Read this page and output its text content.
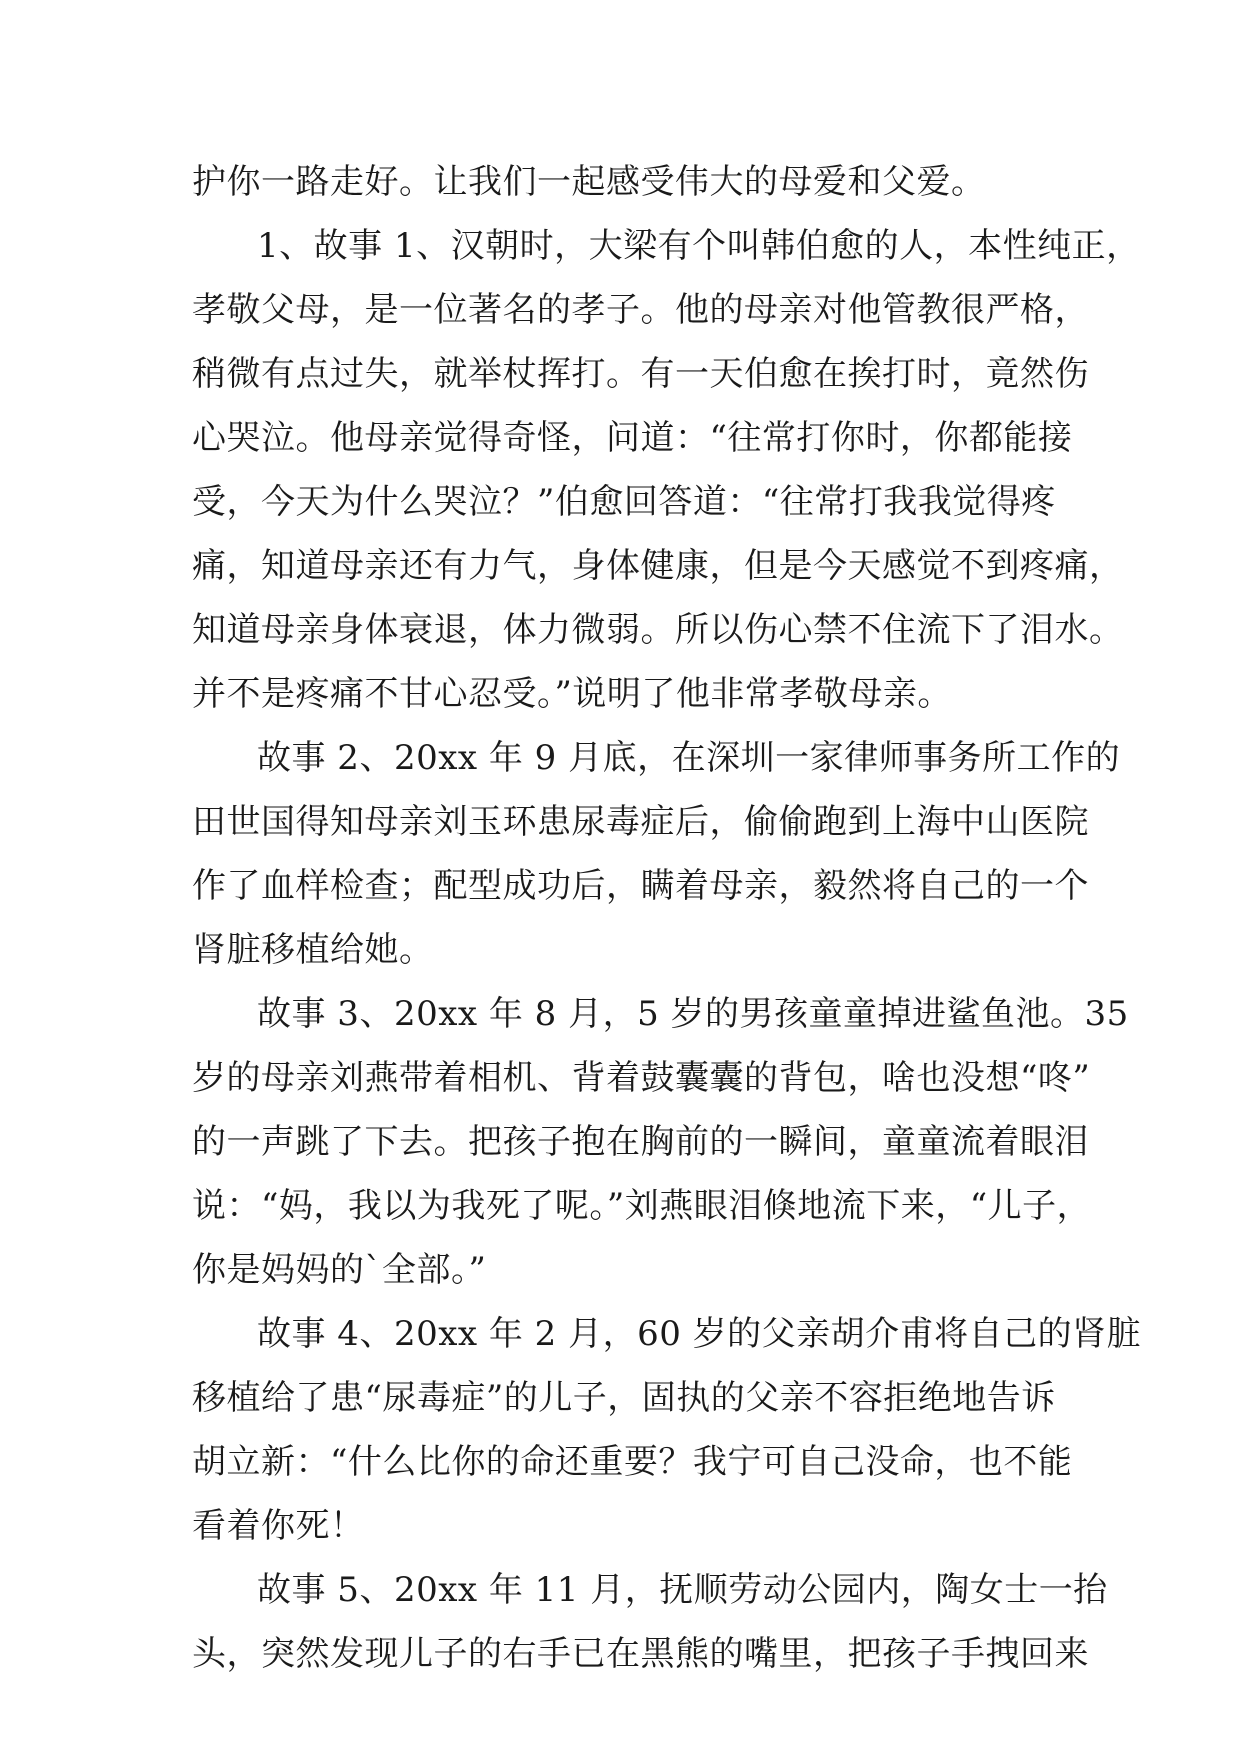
护你一路走好。让我们一起感受伟大的母爱和父爱。
1、故事 1、汉朝时，大梁有个叫韩伯愈的人，本性纯正，
孝敬父母，是一位著名的孝子。他的母亲对他管教很严格，
稍微有点过失，就举杖挥打。有一天伯愈在挨打时，竟然伤
心哭泣。他母亲觉得奇怪，问道：“往常打你时，你都能接
受，今天为什么哭泣？”伯愈回答道：“往常打我我觉得疼
痛，知道母亲还有力气，身体健康，但是今天感觉不到疼痛，
知道母亲身体衰退，体力微弱。所以伤心禁不住流下了泪水。
并不是疼痛不甘心忍受。”说明了他非常孝敬母亲。
故事 2、20xx 年 9 月底，在深圳一家律师事务所工作的
田世国得知母亲刘玉环患尿毒症后，偷偷跑到上海中山医院
作了血样检查；配型成功后，瞒着母亲，毅然将自己的一个
肾脏移植给她。
故事 3、20xx 年 8 月，5 岁的男孩童童掉进鲨鱼池。35
岁的母亲刘燕带着相机、背着鼓囊囊的背包，啥也没想“咚”
的一声跳了下去。把孩子抱在胸前的一瞬间，童童流着眼泪
说：“妈，我以为我死了呢。”刘燕眼泪倏地流下来，“儿子，
你是妈妈的`全部。”
故事 4、20xx 年 2 月，60 岁的父亲胡介甫将自己的肾脏
移植给了患“尿毒症”的儿子，固执的父亲不容拒绝地告诉
胡立新：“什么比你的命还重要？我宁可自己没命，也不能
看着你死！
故事 5、20xx 年 11 月，抚顺劳动公园内，陶女士一抬
头，突然发现儿子的右手已在黑熊的嘴里，把孩子手拽回来
